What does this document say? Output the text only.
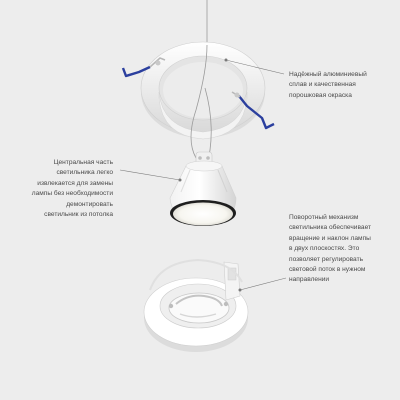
Надёжный алюминиевый
сплав и качественная
порошковая окраска
Центральная часть
светильника легко
извлекается для замены
лампы без необходимости
демонтировать
светильник из потолка	Поворотный механизм
светильника обеспечивает
вращение и наклон лампы
в двух плоскостях. Это
позволяет регулировать
световой поток в нужном
направлении
